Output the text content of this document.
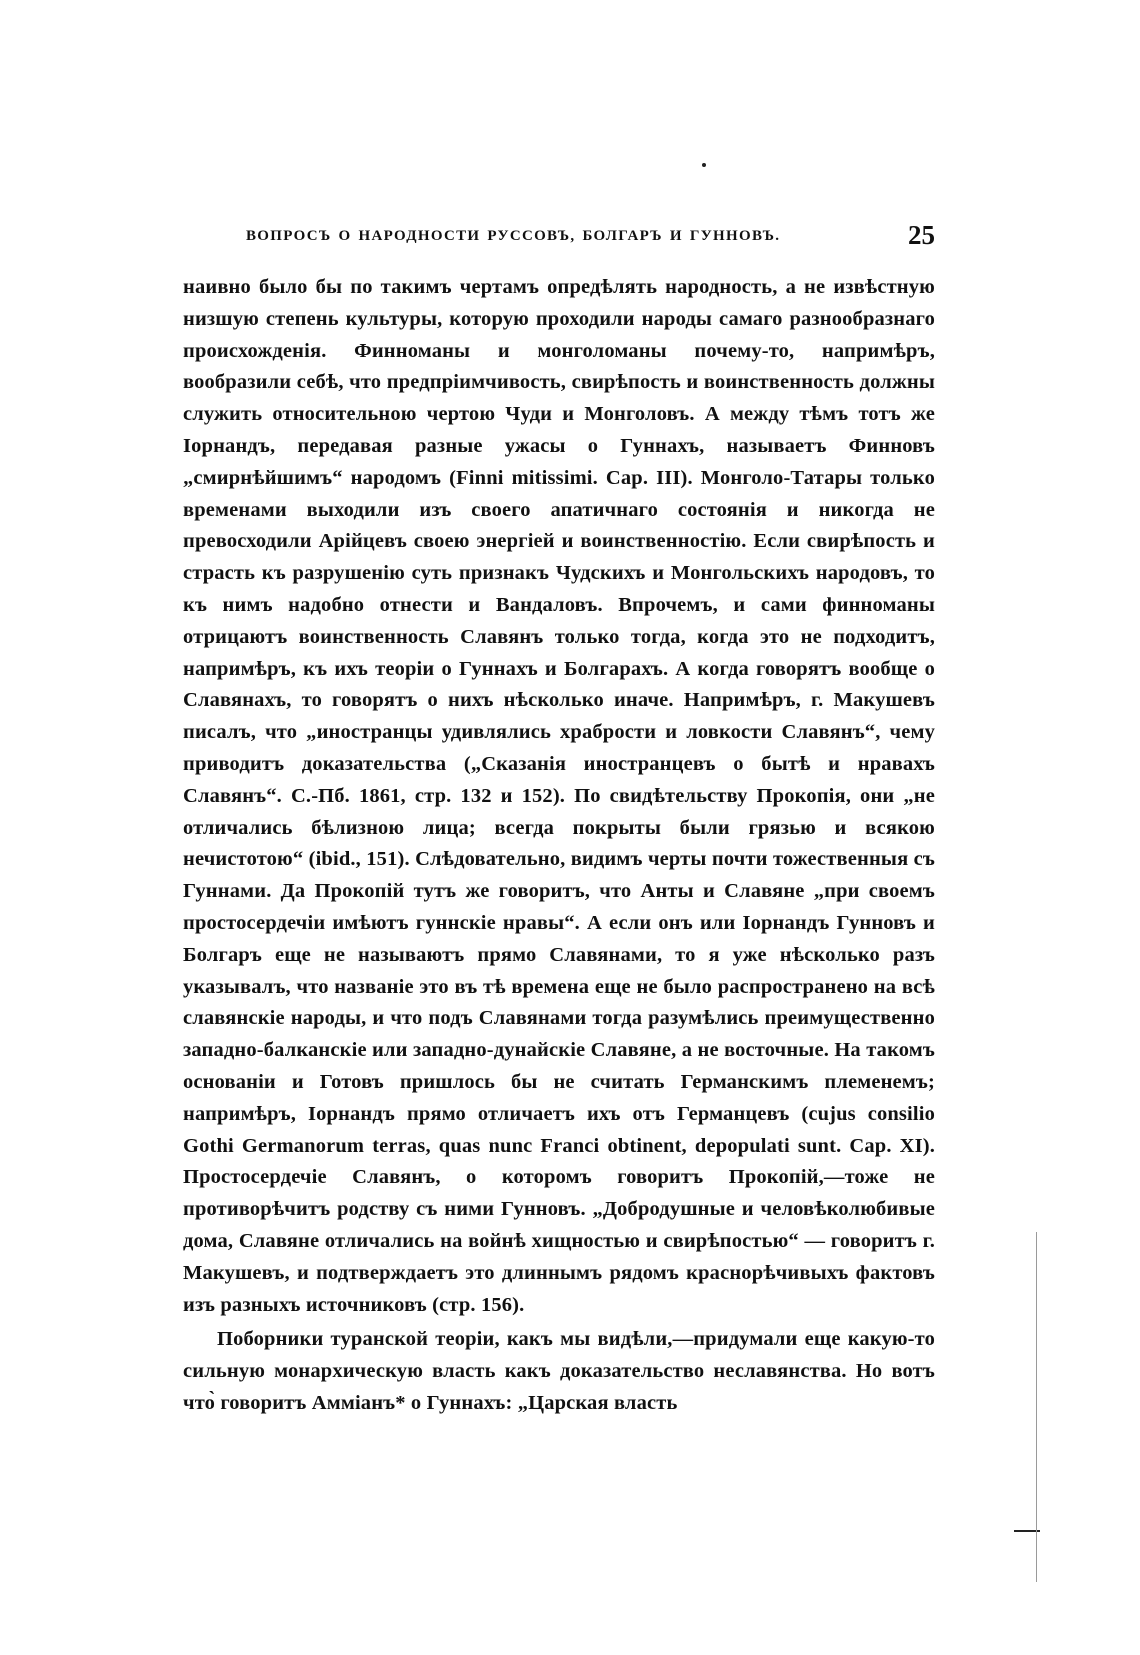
ВОПРОСЪ О НАРОДНОСТИ РУССОВЪ, БОЛГАРЪ И ГУННОВЪ.	25

наивно было бы по такимъ чертамъ опредѣлять народность, а не извѣстную низшую степень культуры, которую проходили народы самаго разнообразнаго происхожденія. Финноманы и монголоманы почему-то, напримѣръ, вообразили себѣ, что предпріимчивость, свирѣпость и воинственность должны служить относительною чертою Чуди и Монголовъ. А между тѣмъ тотъ же Іорнандъ, передавая разные ужасы о Гуннахъ, называетъ Финновъ „смирнѣйшимъ“ народомъ (Finni mitissimi. Cap. III). Монголо-Татары только временами выходили изъ своего апатичнаго состоянія и никогда не превосходили Арійцевъ своею энергіей и воинственностію. Если свирѣпость и страсть къ разрушенію суть признакъ Чудскихъ и Монгольскихъ народовъ, то къ нимъ надобно отнести и Вандаловъ. Впрочемъ, и сами финноманы отрицаютъ воинственность Славянъ только тогда, когда это не подходитъ, напримѣръ, къ ихъ теоріи о Гуннахъ и Болгарахъ. А когда говорятъ вообще о Славянахъ, то говорятъ о нихъ нѣсколько иначе. Напримѣръ, г. Макушевъ писалъ, что „иностранцы удивлялись храбрости и ловкости Славянъ“, чему приводитъ доказательства („Сказанія иностранцевъ о бытѣ и нравахъ Славянъ“. С.-Пб. 1861, стр. 132 и 152). По свидѣтельству Прокопія, они „не отличались бѣлизною лица; всегда покрыты были грязью и всякою нечистотою“ (ibid., 151). Слѣдовательно, видимъ черты почти тожественныя съ Гуннами. Да Прокопій тутъ же говоритъ, что Анты и Славяне „при своемъ простосердечіи имѣютъ гуннскіе нравы“. А если онъ или Іорнандъ Гунновъ и Болгаръ еще не называютъ прямо Славянами, то я уже нѣсколько разъ указывалъ, что названіе это въ тѣ времена еще не было распространено на всѣ славянскіе народы, и что подъ Славянами тогда разумѣлись преимущественно западно-балканскіе или западно-дунайскіе Славяне, а не восточные. На такомъ основаніи и Готовъ пришлось бы не считать Германскимъ племенемъ; напримѣръ, Іорнандъ прямо отличаетъ ихъ отъ Германцевъ (cujus consilio Gothi Germanorum terras, quas nunc Franci obtinent, depopulati sunt. Cap. XI). Простосердечіе Славянъ, о которомъ говоритъ Прокопій,—тоже не противорѣчитъ родству съ ними Гунновъ. „Добродушные и человѣколюбивые дома, Славяне отличались на войнѣ хищностью и свирѣпостью“ — говоритъ г. Макушевъ, и подтверждаетъ это длиннымъ рядомъ краснорѣчивыхъ фактовъ изъ разныхъ источниковъ (стр. 156).

Поборники туранской теоріи, какъ мы видѣли,—придумали еще какую-то сильную монархическую власть какъ доказательство неславянства. Но вотъ что̀ говоритъ Амміанъ* о Гуннахъ: „Царская власть
